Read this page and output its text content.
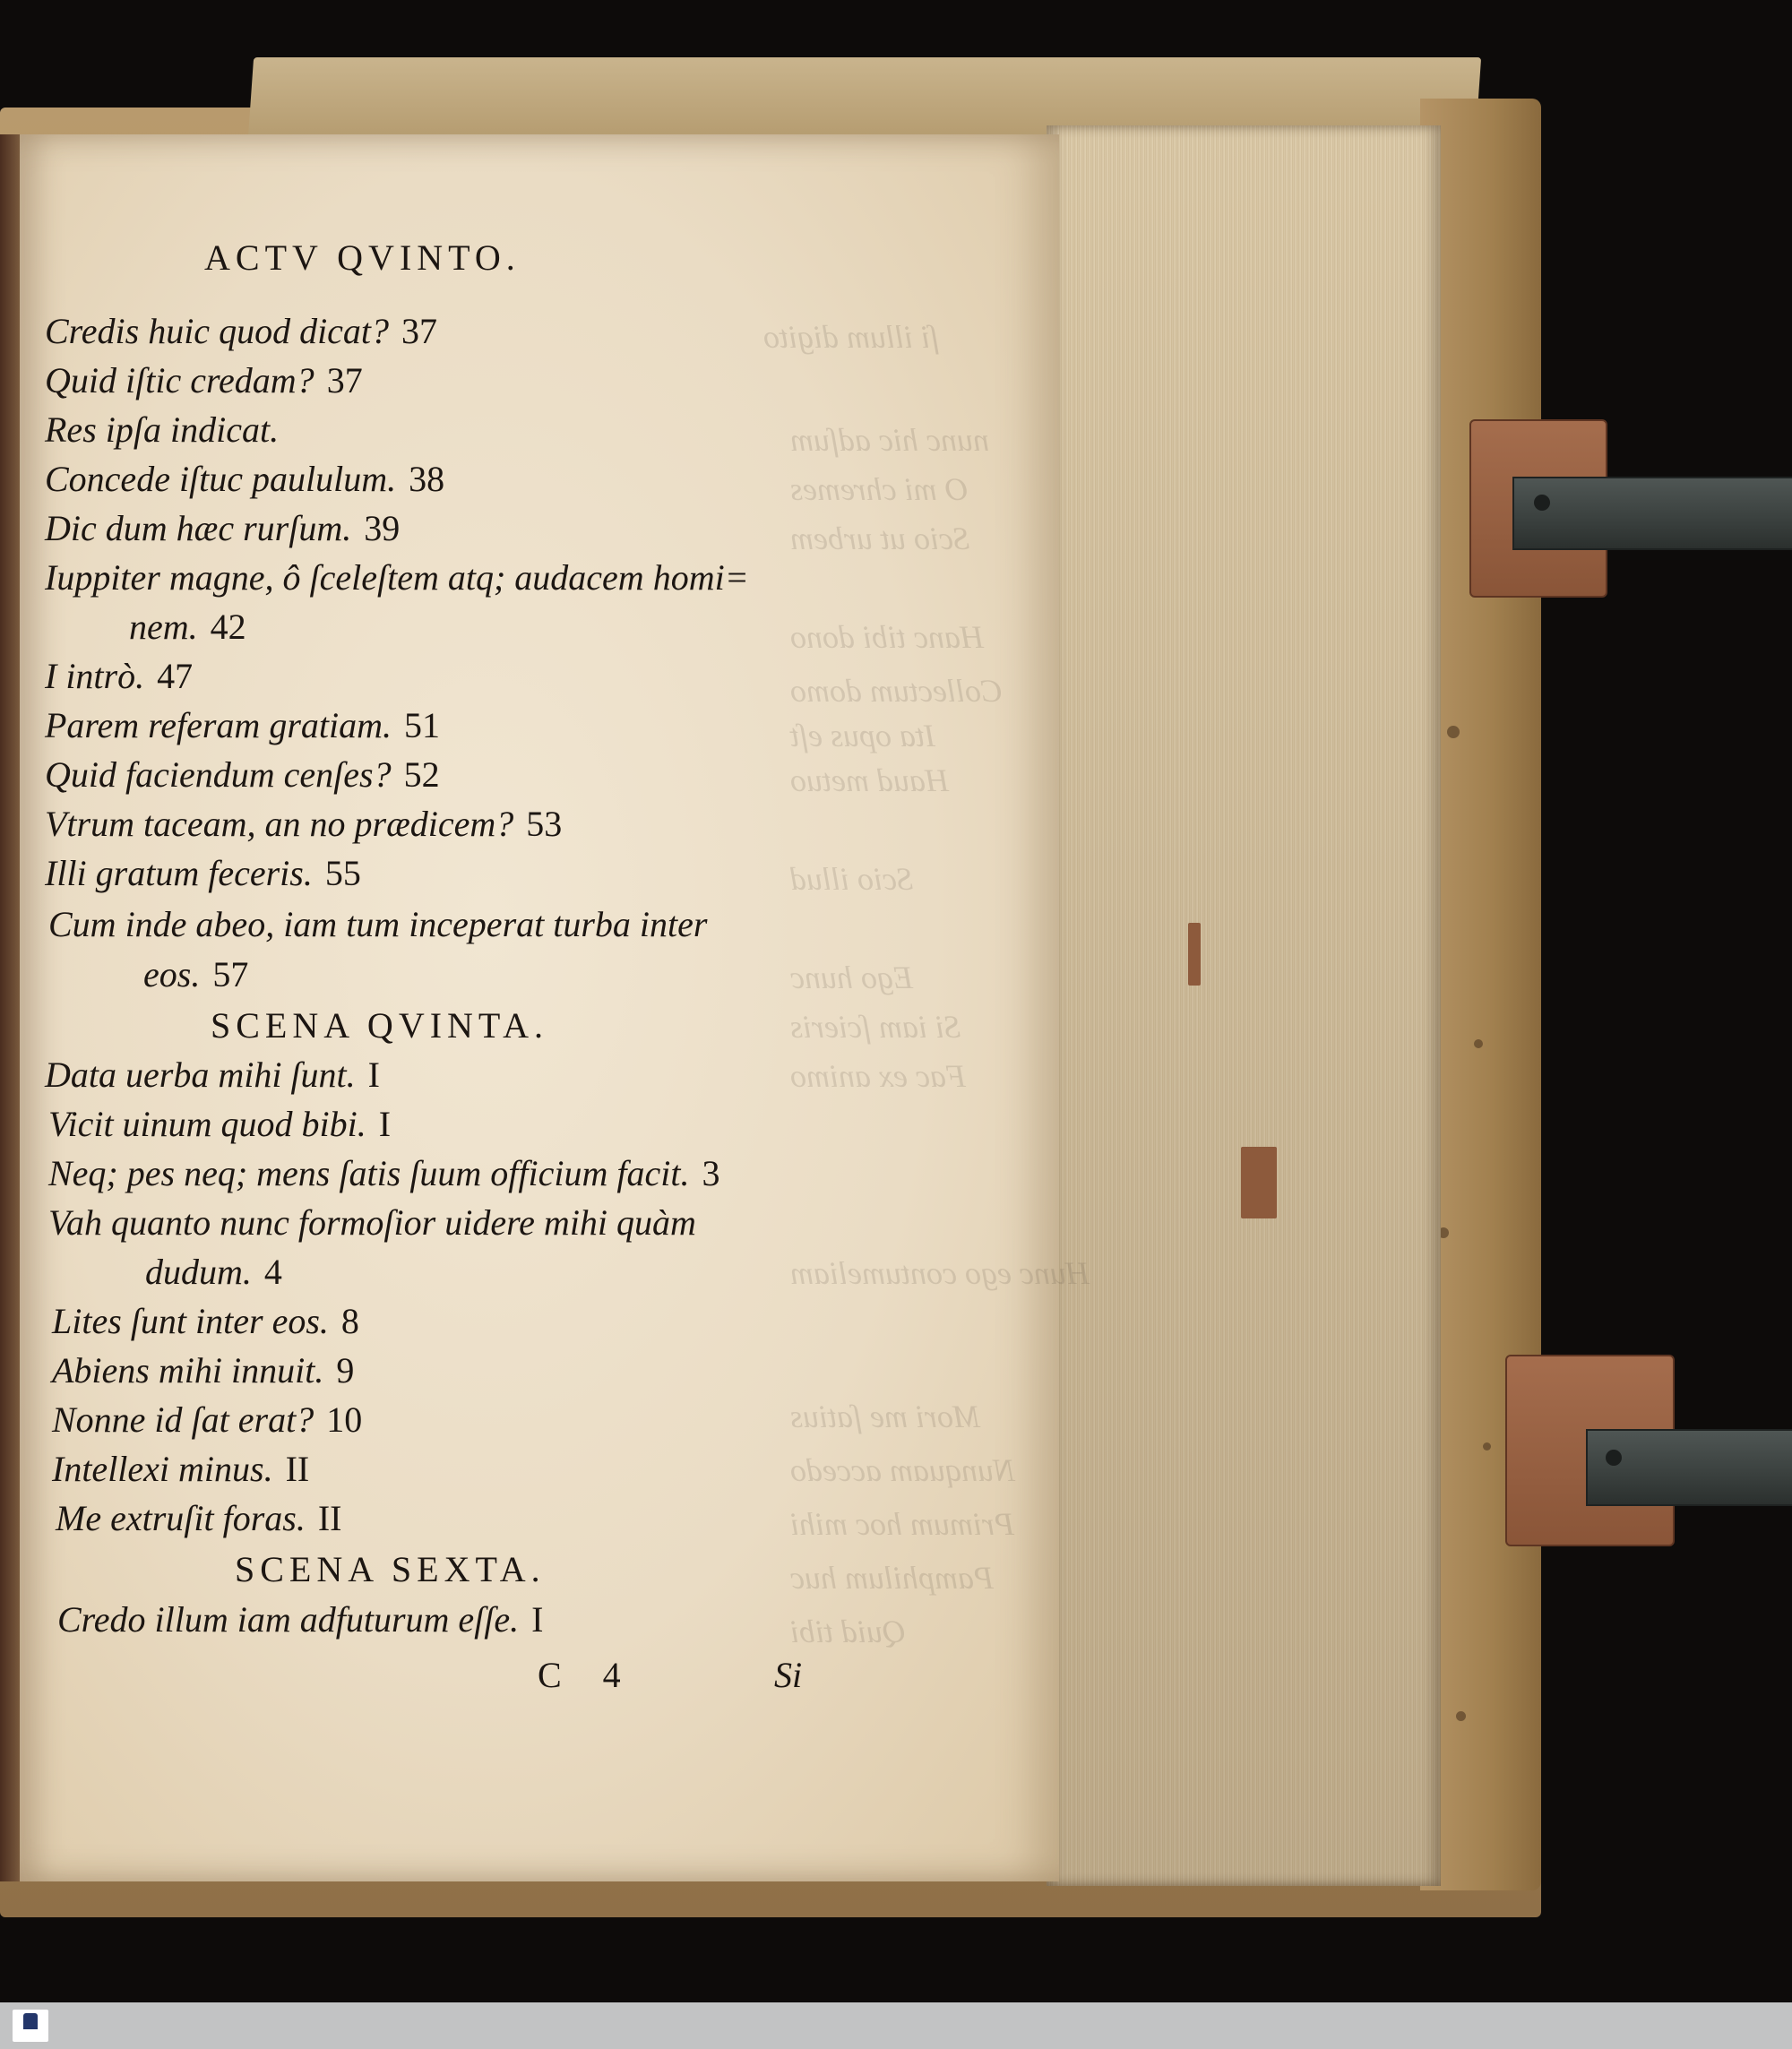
ſi illum digito
nunc hic adſum
O mi chremes
Scio ut urbem
Hanc tibi dono
Collectum domo
Ita opus eſt
Haud metuo
Scio illud
Ego hunc
Si iam ſcieris
Fac ex animo
Hunc ego contumeliam
Mori me ſatius
Nunquam accedo
Primum hoc mihi
Pamphilum huc
Quid tibi
ACTV QVINTO.
Credis huic quod dicat? 37
Quid iſtic credam? 37
Res ipſa indicat.
Concede iſtuc paululum. 38
Dic dum hæc rurſum. 39
Iuppiter magne, ô ſceleſtem atq; audacem homi=
nem. 42
I intrò. 47
Parem referam gratiam. 51
Quid faciendum cenſes? 52
Vtrum taceam, an no prædicem? 53
Illi gratum feceris. 55
Cum inde abeo, iam tum inceperat turba inter
eos. 57
SCENA QVINTA.
Data uerba mihi ſunt. I
Vicit uinum quod bibi. I
Neq; pes neq; mens ſatis ſuum officium facit. 3
Vah quanto nunc formoſior uidere mihi quàm
dudum. 4
Lites ſunt inter eos. 8
Abiens mihi innuit. 9
Nonne id ſat erat? 10
Intellexi minus. II
Me extruſit foras. II
SCENA SEXTA.
Credo illum iam adfuturum eſſe. I
C 4	Si
